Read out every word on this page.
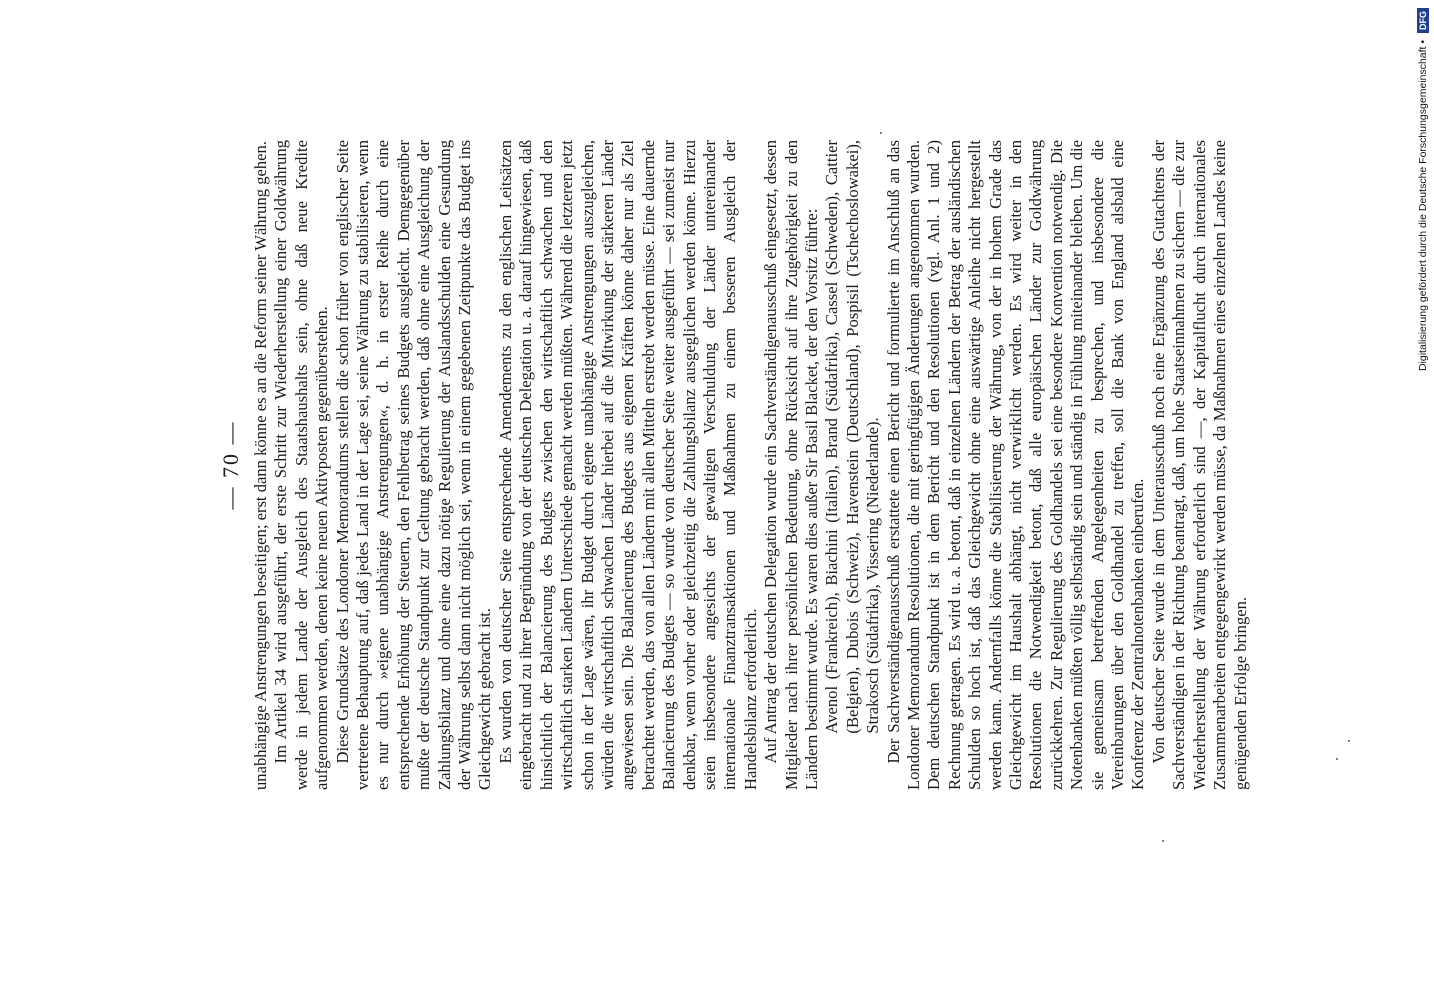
— 70 — unabhängige Anstrengungen beseitigen; erst dann könne es an die Reform seiner Währung gehen. Im Artikel 34 wird ausgeführt, der erste Schritt zur Wiederherstellung einer Goldwährung werde in jedem Lande der Ausgleich des Staatshaushalts sein, ohne daß neue Kredite aufgenommen werden, denen keine neuen Aktivposten gegenüberstehen. Diese Grundsätze des Londoner Memorandums stellen die schon früher von englischer Seite vertretene Behauptung auf, daß jedes Land in der Lage sei, seine Währung zu stabilisieren, wenn es nur durch »eigene unabhängige Anstrengungen«, d. h. in erster Reihe durch eine entsprechende Erhöhung der Steuern, den Fehlbetrag seines Budgets ausgleicht. Demgegenüber mußte der deutsche Standpunkt zur Geltung gebracht werden, daß ohne eine Ausgleichung der Zahlungsbilanz und ohne eine dazu nötige Regulierung der Auslandsschulden eine Gesundung der Währung selbst dann nicht möglich sei, wenn in einem gegebenen Zeitpunkte das Budget ins Gleichgewicht gebracht ist. Es wurden von deutscher Seite entsprechende Amendements zu den englischen Leitsätzen eingebracht und zu ihrer Begründung von der deutschen Delegation u. a. darauf hingewiesen, daß hinsichtlich der Balancierung des Budgets zwischen den wirtschaftlich schwachen und den wirtschaftlich starken Ländern Unterschiede gemacht werden müßten. Während die letzteren jetzt schon in der Lage wären, ihr Budget durch eigene unabhängige Anstrengungen auszugleichen, würden die wirtschaftlich schwachen Länder hierbei auf die Mitwirkung der stärkeren Länder angewiesen sein. Die Balancierung des Budgets aus eigenen Kräften könne daher nur als Ziel betrachtet werden, das von allen Ländern mit allen Mitteln erstrebt werden müsse. Eine dauernde Balancierung des Budgets — so wurde von deutscher Seite weiter ausgeführt — sei zumeist nur denkbar, wenn vorher oder gleichzeitig die Zahlungsbilanz ausgeglichen werden könne. Hierzu seien insbesondere angesichts der gewaltigen Verschuldung der Länder untereinander internationale Finanztransaktionen und Maßnahmen zu einem besseren Ausgleich der Handelsbilanz erforderlich. Auf Antrag der deutschen Delegation wurde ein Sachverständigenausschuß eingesetzt, dessen Mitglieder nach ihrer persönlichen Bedeutung, ohne Rücksicht auf ihre Zugehörigkeit zu den Ländern bestimmt wurde. Es waren dies außer Sir Basil Blacket, der den Vorsitz führte: Avenol (Frankreich), Biachini (Italien), Brand (Südafrika), Cassel (Schweden), Cattier (Belgien), Dubois (Schweiz), Havenstein (Deutschland), Pospisil (Tschechoslowakei), Strakosch (Südafrika), Vissering (Niederlande). Der Sachverständigenausschuß erstattete einen Bericht und formulierte im Anschluß an das Londoner Memorandum Resolutionen, die mit geringfügigen Änderungen angenommen wurden. Dem deutschen Standpunkt ist in dem Bericht und den Resolutionen (vgl. Anl. 1 und 2) Rechnung getragen. Es wird u. a. betont, daß in einzelnen Ländern der Betrag der ausländischen Schulden so hoch ist, daß das Gleichgewicht ohne eine auswärtige Anleihe nicht hergestellt werden kann. Andernfalls könne die Stabilisierung der Währung, von der in hohem Grade das Gleichgewicht im Haushalt abhängt, nicht verwirklicht werden. Es wird weiter in den Resolutionen die Notwendigkeit betont, daß alle europäischen Länder zur Goldwährung zurückkehren. Zur Regulierung des Goldhandels sei eine besondere Konvention notwendig. Die Notenbanken müßten völlig selbständig sein und ständig in Fühlung miteinander bleiben. Um die sie gemeinsam betreffenden Angelegenheiten zu besprechen, und insbesondere die Vereinbarungen über den Goldhandel zu treffen, soll die Bank von England alsbald eine Konferenz der Zentralnotenbanken einberufen. Von deutscher Seite wurde in dem Unterausschuß noch eine Ergänzung des Gutachtens der Sachverständigen in der Richtung beantragt, daß, um hohe Staatseinnahmen zu sichern — die zur Wiederherstellung der Währung erforderlich sind —, der Kapitalflucht durch internationales Zusammenarbeiten entgegengewirkt werden müsse, da Maßnahmen eines einzelnen Landes keine genügenden Erfolge bringen.

Digitalisierung gefördert durch die Deutsche Forschungsgemeinschaft • DFG
